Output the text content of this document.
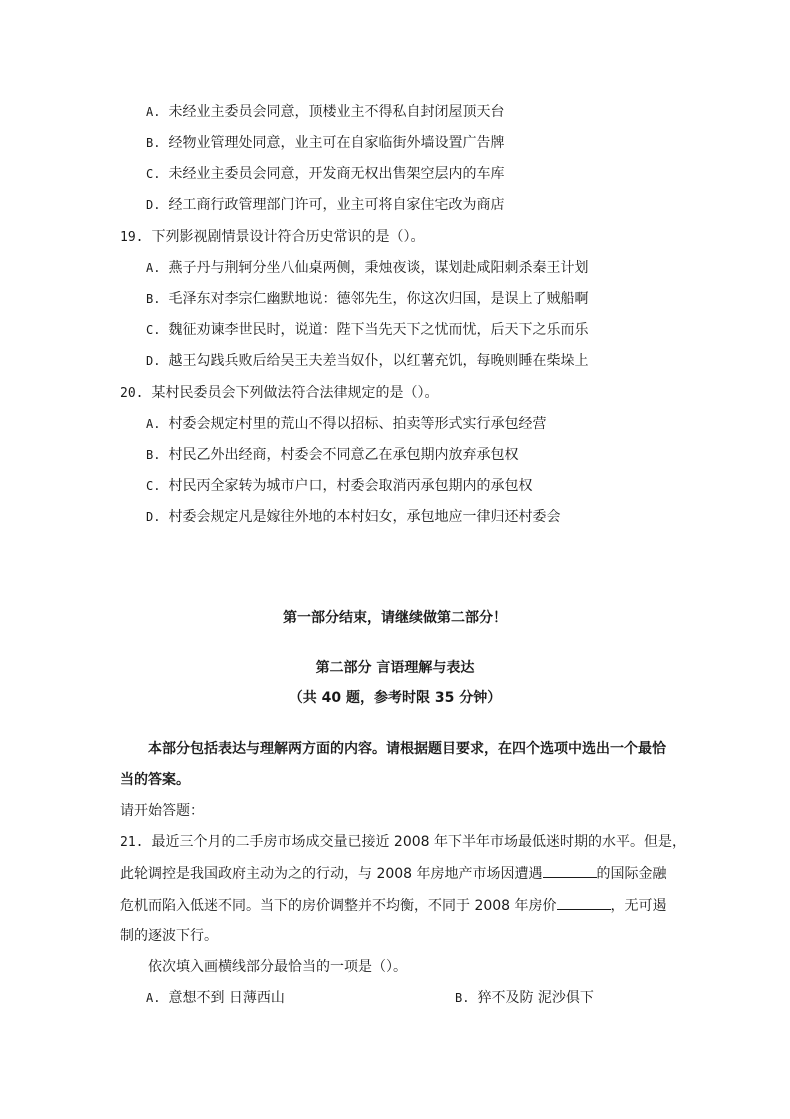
A. 未经业主委员会同意，顶楼业主不得私自封闭屋顶天台
B. 经物业管理处同意，业主可在自家临街外墙设置广告牌
C. 未经业主委员会同意，开发商无权出售架空层内的车库
D. 经工商行政管理部门许可，业主可将自家住宅改为商店
19. 下列影视剧情景设计符合历史常识的是（）。
A. 燕子丹与荆轲分坐八仙桌两侧，秉烛夜谈，谋划赴咸阳刺杀秦王计划
B. 毛泽东对李宗仁幽默地说：德邻先生，你这次归国，是误上了贼船啊
C. 魏征劝谏李世民时，说道：陛下当先天下之忧而忧，后天下之乐而乐
D. 越王勾践兵败后给吴王夫差当奴仆，以红薯充饥，每晚则睡在柴垛上
20. 某村民委员会下列做法符合法律规定的是（）。
A. 村委会规定村里的荒山不得以招标、拍卖等形式实行承包经营
B. 村民乙外出经商，村委会不同意乙在承包期内放弃承包权
C. 村民丙全家转为城市户口，村委会取消丙承包期内的承包权
D. 村委会规定凡是嫁往外地的本村妇女，承包地应一律归还村委会
第一部分结束，请继续做第二部分！
第二部分 言语理解与表达
（共 40 题，参考时限 35 分钟）
本部分包括表达与理解两方面的内容。请根据题目要求，在四个选项中选出一个最恰
当的答案。
请开始答题：
21. 最近三个月的二手房市场成交量已接近 2008 年下半年市场最低迷时期的水平。但是，
此轮调控是我国政府主动为之的行动，与 2008 年房地产市场因遭遇	的国际金融
危机而陷入低迷不同。当下的房价调整并不均衡，不同于 2008 年房价	，无可遏
制的逐波下行。
依次填入画横线部分最恰当的一项是（）。
A. 意想不到 日薄西山	B. 猝不及防 泥沙俱下
